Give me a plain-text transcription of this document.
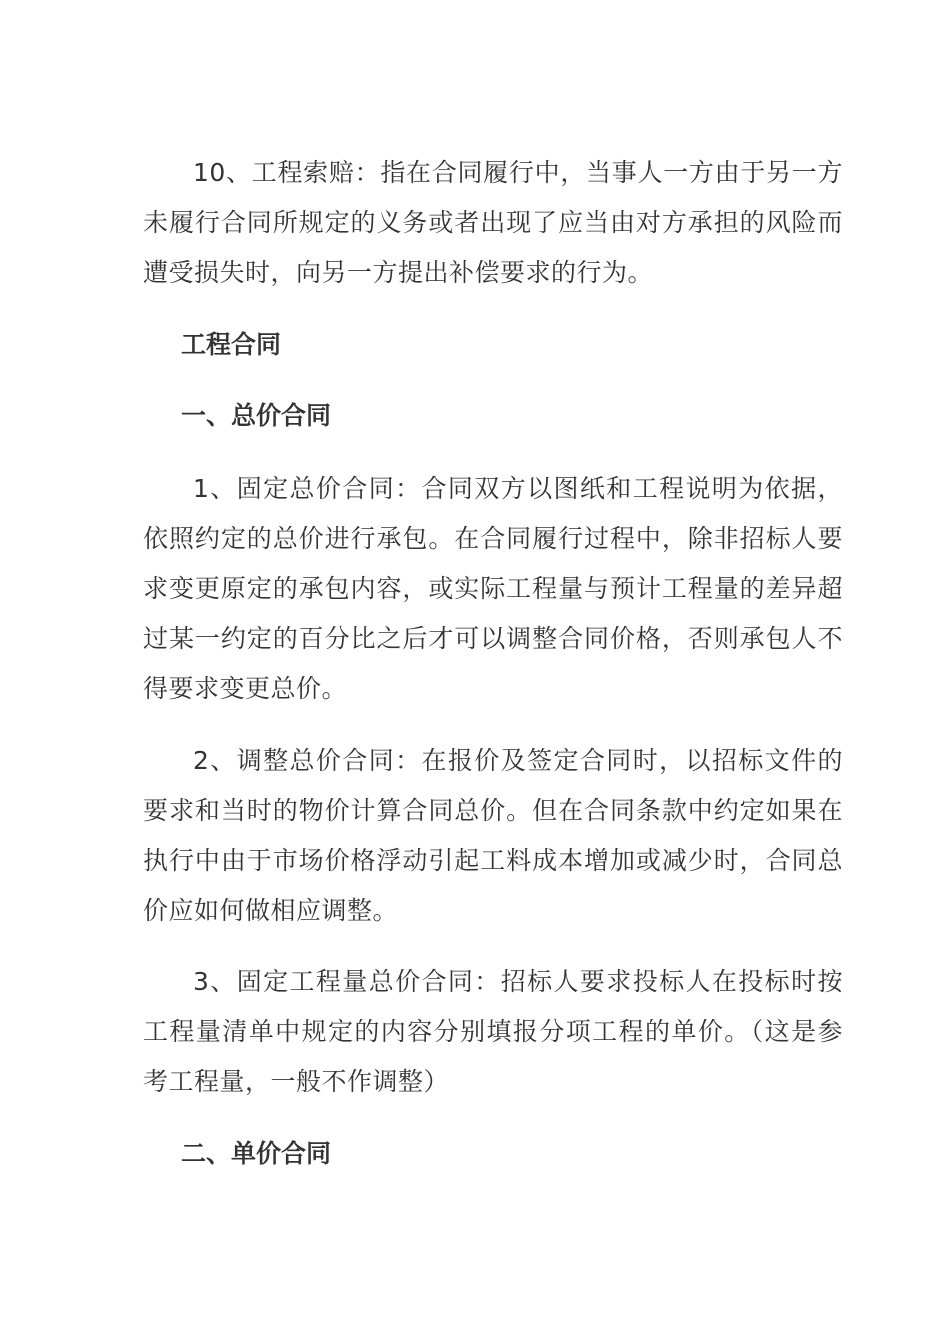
10、工程索赔：指在合同履行中，当事人一方由于另一方未履行合同所规定的义务或者出现了应当由对方承担的风险而遭受损失时，向另一方提出补偿要求的行为。

工程合同

一、总价合同

1、固定总价合同：合同双方以图纸和工程说明为依据，依照约定的总价进行承包。在合同履行过程中，除非招标人要求变更原定的承包内容，或实际工程量与预计工程量的差异超过某一约定的百分比之后才可以调整合同价格，否则承包人不得要求变更总价。

2、调整总价合同：在报价及签定合同时，以招标文件的要求和当时的物价计算合同总价。但在合同条款中约定如果在执行中由于市场价格浮动引起工料成本增加或减少时，合同总价应如何做相应调整。

3、固定工程量总价合同：招标人要求投标人在投标时按工程量清单中规定的内容分别填报分项工程的单价。（这是参考工程量，一般不作调整）

二、单价合同
